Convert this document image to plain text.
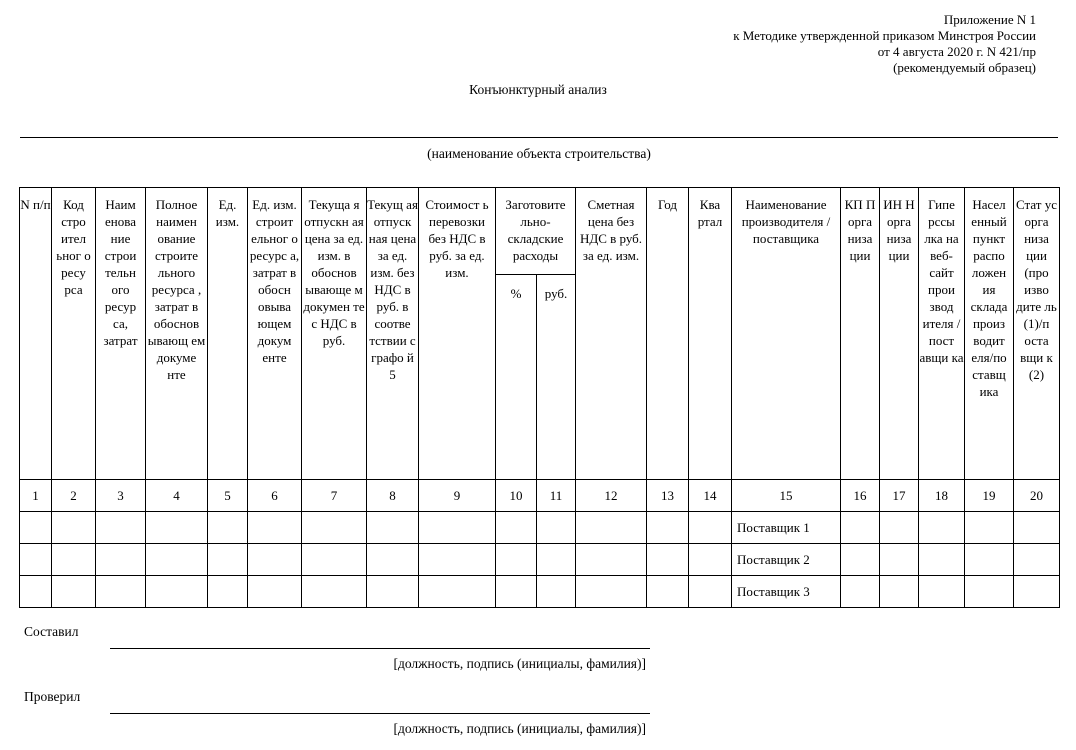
Приложение N 1
к Методике утвержденной приказом Минстроя России
от 4 августа 2020 г. N 421/пр
(рекомендуемый образец)
Конъюнктурный анализ
(наименование объекта строительства)
N п/п	Код стро ител ьног о ресу рса	Наим енова ние строи тельн ого ресур са, затрат	Полное наимен ование строите льного ресурса , затрат в обоснов ывающ ем докуме нте	Ед. изм.	Ед. изм. строит ельног о ресурс а, затрат в обосн овыва ющем докум енте	Текуща я отпускн ая цена за ед. изм. в обоснов ывающе м докумен те с НДС в руб.	Текущ ая отпуск ная цена за ед. изм. без НДС в руб. в соотве тствии с графо й 5	Стоимост ь перевозки без НДС в руб. за ед. изм.	Заготовите льно-складские расходы		Сметная цена без НДС в руб. за ед. изм.	Год	Ква ртал	Наименование производителя /поставщика	КП П орга низа ции	ИН Н орга низа ции	Гипе рссы лка на веб-сайт прои звод ителя /пост авщи ка	Насел енный пункт распо ложен ия склада произ водит еля/по ставщ ика	Стат ус орга низа ции (про изво дите ль (1)/п оста вщи к (2)
									%	руб.									
1	2	3	4	5	6	7	8	9	10	11	12	13	14	15	16	17	18	19	20
														Поставщик 1					
														Поставщик 2					
														Поставщик 3					
Составил
[должность, подпись (инициалы, фамилия)]
Проверил
[должность, подпись (инициалы, фамилия)]
